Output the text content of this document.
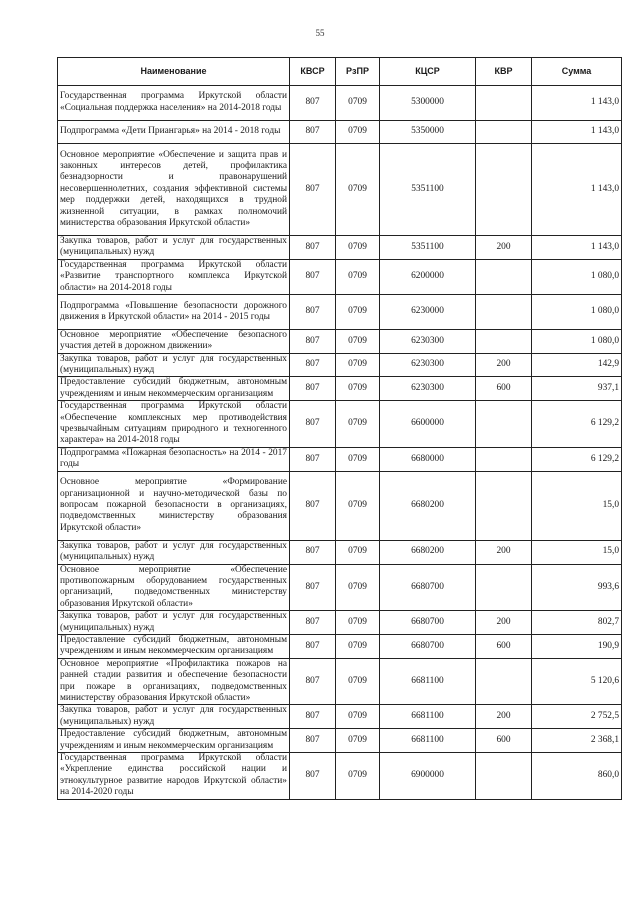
55
Наименование	КВСР	РзПР	КЦСР	КВР	Сумма
Государственная программа Иркутской области «Социальная поддержка населения» на 2014-2018 годы	807	0709	5300000		1 143,0
Подпрограмма «Дети Приангарья» на 2014 - 2018 годы	807	0709	5350000		1 143,0
Основное мероприятие «Обеспечение и защита прав и законных интересов детей, профилактика безнадзорности и правонарушений несовершеннолетних, создания эффективной системы мер поддержки детей, находящихся в трудной жизненной ситуации, в рамках полномочий министерства образования Иркутской области»	807	0709	5351100		1 143,0
Закупка товаров, работ и услуг для государственных (муниципальных) нужд	807	0709	5351100	200	1 143,0
Государственная программа Иркутской области «Развитие транспортного комплекса Иркутской области» на 2014-2018 годы	807	0709	6200000		1 080,0
Подпрограмма «Повышение безопасности дорожного движения в Иркутской области» на 2014 - 2015 годы	807	0709	6230000		1 080,0
Основное мероприятие «Обеспечение безопасного участия детей в дорожном движении»	807	0709	6230300		1 080,0
Закупка товаров, работ и услуг для государственных (муниципальных) нужд	807	0709	6230300	200	142,9
Предоставление субсидий бюджетным, автономным учреждениям и иным некоммерческим организациям	807	0709	6230300	600	937,1
Государственная программа Иркутской области «Обеспечение комплексных мер противодействия чрезвычайным ситуациям природного и техногенного характера» на 2014-2018 годы	807	0709	6600000		6 129,2
Подпрограмма «Пожарная безопасность» на 2014 - 2017 годы	807	0709	6680000		6 129,2
Основное мероприятие «Формирование организационной и научно-методической базы по вопросам пожарной безопасности в организациях, подведомственных министерству образования Иркутской области»	807	0709	6680200		15,0
Закупка товаров, работ и услуг для государственных (муниципальных) нужд	807	0709	6680200	200	15,0
Основное мероприятие «Обеспечение противопожарным оборудованием государственных организаций, подведомственных министерству образования Иркутской области»	807	0709	6680700		993,6
Закупка товаров, работ и услуг для государственных (муниципальных) нужд	807	0709	6680700	200	802,7
Предоставление субсидий бюджетным, автономным учреждениям и иным некоммерческим организациям	807	0709	6680700	600	190,9
Основное мероприятие «Профилактика пожаров на ранней стадии развития и обеспечение безопасности при пожаре в организациях, подведомственных министерству образования Иркутской области»	807	0709	6681100		5 120,6
Закупка товаров, работ и услуг для государственных (муниципальных) нужд	807	0709	6681100	200	2 752,5
Предоставление субсидий бюджетным, автономным учреждениям и иным некоммерческим организациям	807	0709	6681100	600	2 368,1
Государственная программа Иркутской области «Укрепление единства российской нации и этнокультурное развитие народов Иркутской области» на 2014-2020 годы	807	0709	6900000		860,0
